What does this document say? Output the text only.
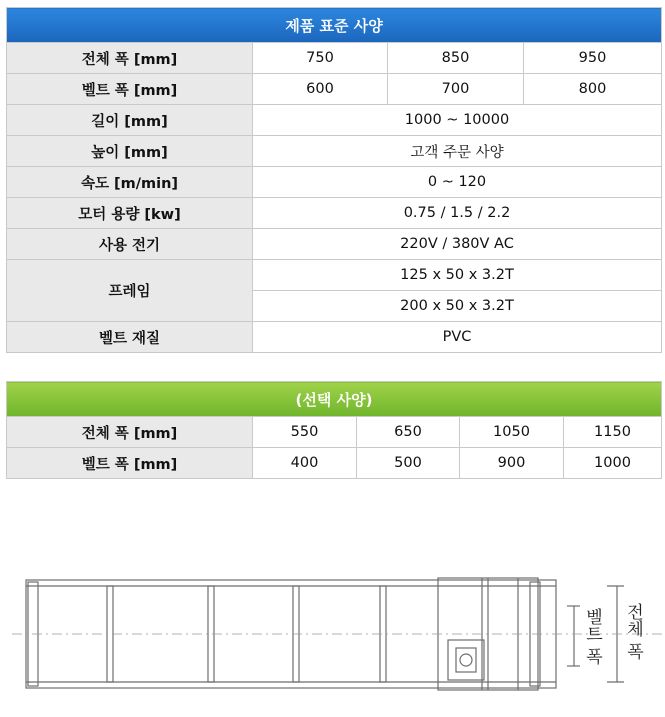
제품 표준 사양			
전체 폭 [mm]	750	850	950
벨트 폭 [mm]	600	700	800
길이 [mm]	1000 ~ 10000		
높이 [mm]	고객 주문 사양		
속도 [m/min]	0 ~ 120		
모터 용량 [kw]	0.75 / 1.5 / 2.2		
사용 전기	220V / 380V AC		
프레임	125 x 50 x 3.2T		
	200 x 50 x 3.2T		
벨트 재질	PVC		
(선택 사양)				
전체 폭 [mm]	550	650	1050	1150
벨트 폭 [mm]	400	500	900	1000
벨트 폭 전체 폭
